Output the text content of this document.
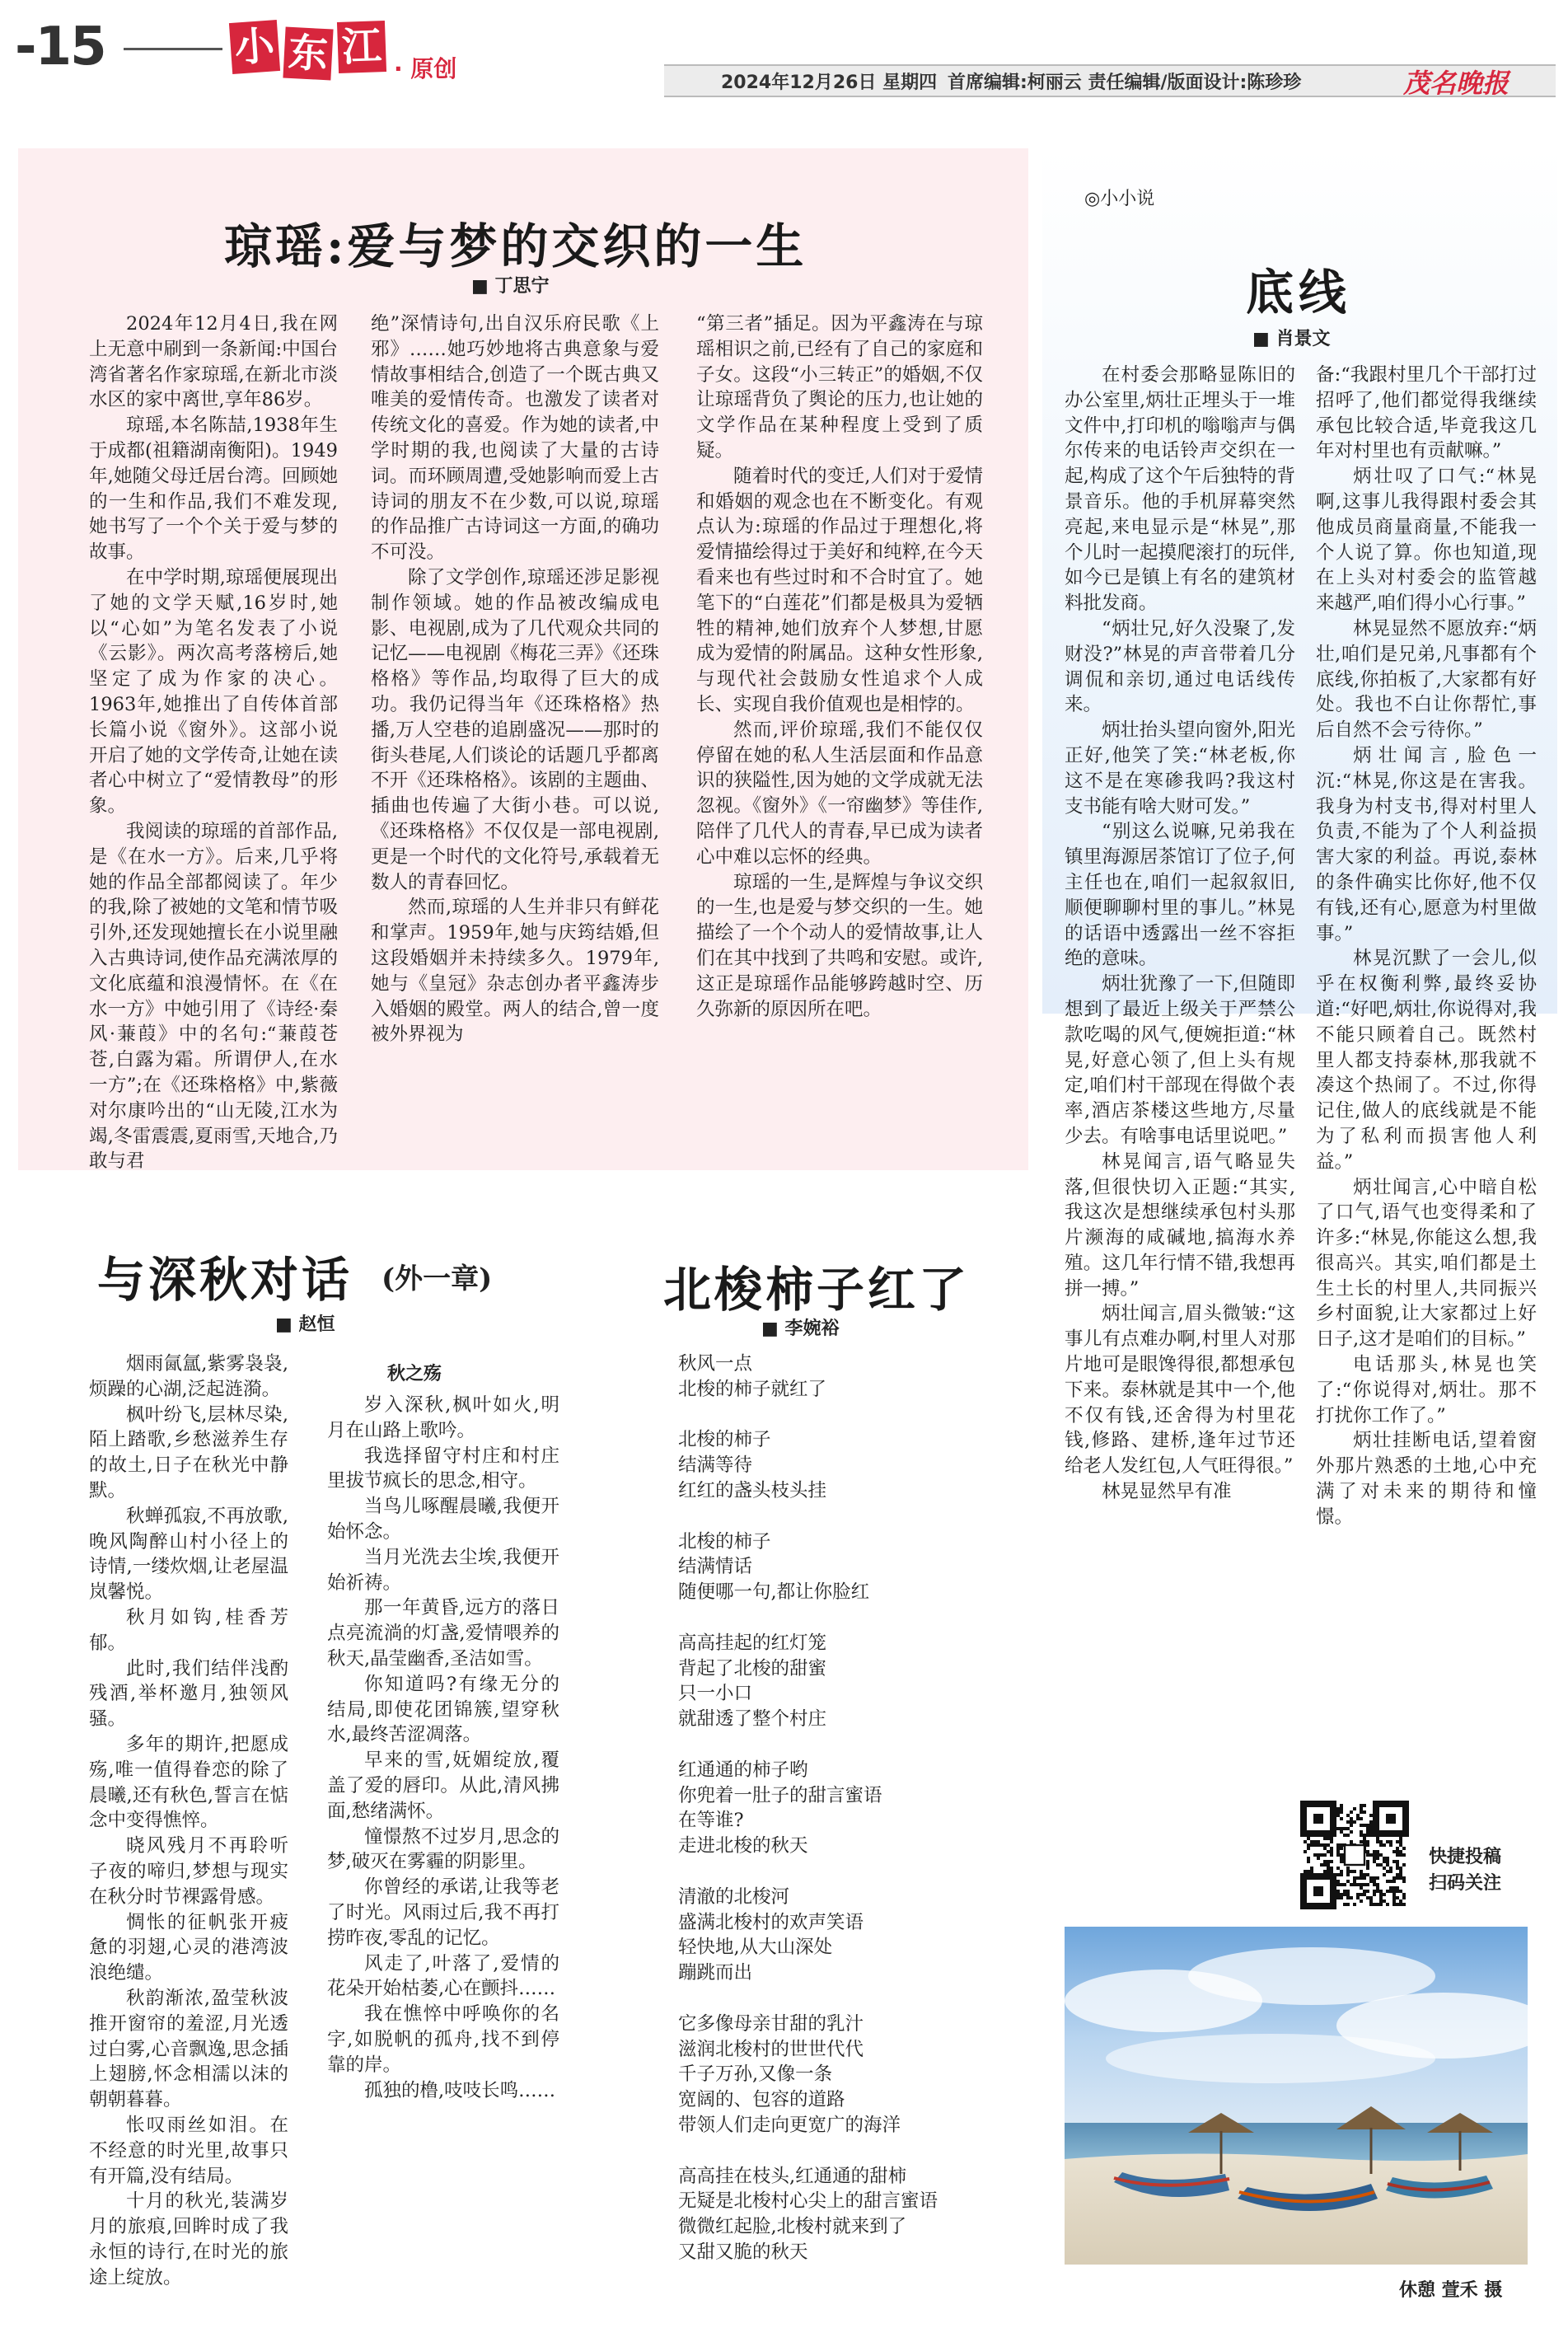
-15	小 东 江 · 原创
2024年12月26日 星期四 首席编辑:柯丽云 责任编辑/版面设计:陈珍珍	茂名晚报
琼瑶:爱与梦的交织的一生
■ 丁思宁

2024年12月4日,我在网上无意中刷到一条新闻:中国台湾省著名作家琼瑶,在新北市淡水区的家中离世,享年86岁。

琼瑶,本名陈喆,1938年生于成都(祖籍湖南衡阳)。1949年,她随父母迁居台湾。回顾她的一生和作品,我们不难发现,她书写了一个个关于爱与梦的故事。

在中学时期,琼瑶便展现出了她的文学天赋,16岁时,她以“心如”为笔名发表了小说《云影》。两次高考落榜后,她坚定了成为作家的决心。1963年,她推出了自传体首部长篇小说《窗外》。这部小说开启了她的文学传奇,让她在读者心中树立了“爱情教母”的形象。

我阅读的琼瑶的首部作品,是《在水一方》。后来,几乎将她的作品全部都阅读了。年少的我,除了被她的文笔和情节吸引外,还发现她擅长在小说里融入古典诗词,使作品充满浓厚的文化底蕴和浪漫情怀。在《在水一方》中她引用了《诗经·秦风·蒹葭》中的名句:“蒹葭苍苍,白露为霜。所谓伊人,在水一方”;在《还珠格格》中,紫薇对尔康吟出的“山无陵,江水为竭,冬雷震震,夏雨雪,天地合,乃敢与君

绝”深情诗句,出自汉乐府民歌《上邪》……她巧妙地将古典意象与爱情故事相结合,创造了一个既古典又唯美的爱情传奇。也激发了读者对传统文化的喜爱。作为她的读者,中学时期的我,也阅读了大量的古诗词。而环顾周遭,受她影响而爱上古诗词的朋友不在少数,可以说,琼瑶的作品推广古诗词这一方面,的确功不可没。

除了文学创作,琼瑶还涉足影视制作领域。她的作品被改编成电影、电视剧,成为了几代观众共同的记忆——电视剧《梅花三弄》《还珠格格》等作品,均取得了巨大的成功。我仍记得当年《还珠格格》热播,万人空巷的追剧盛况——那时的街头巷尾,人们谈论的话题几乎都离不开《还珠格格》。该剧的主题曲、插曲也传遍了大街小巷。可以说,《还珠格格》不仅仅是一部电视剧,更是一个时代的文化符号,承载着无数人的青春回忆。

然而,琼瑶的人生并非只有鲜花和掌声。1959年,她与庆筠结婚,但这段婚姻并未持续多久。1979年,她与《皇冠》杂志创办者平鑫涛步入婚姻的殿堂。两人的结合,曾一度被外界视为

“第三者”插足。因为平鑫涛在与琼瑶相识之前,已经有了自己的家庭和子女。这段“小三转正”的婚姻,不仅让琼瑶背负了舆论的压力,也让她的文学作品在某种程度上受到了质疑。

随着时代的变迁,人们对于爱情和婚姻的观念也在不断变化。有观点认为:琼瑶的作品过于理想化,将爱情描绘得过于美好和纯粹,在今天看来也有些过时和不合时宜了。她笔下的“白莲花”们都是极具为爱牺牲的精神,她们放弃个人梦想,甘愿成为爱情的附属品。这种女性形象,与现代社会鼓励女性追求个人成长、实现自我价值观也是相悖的。

然而,评价琼瑶,我们不能仅仅停留在她的私人生活层面和作品意识的狭隘性,因为她的文学成就无法忽视。《窗外》《一帘幽梦》等佳作,陪伴了几代人的青春,早已成为读者心中难以忘怀的经典。

琼瑶的一生,是辉煌与争议交织的一生,也是爱与梦交织的一生。她描绘了一个个动人的爱情故事,让人们在其中找到了共鸣和安慰。或许,这正是琼瑶作品能够跨越时空、历久弥新的原因所在吧。

◎小小说
底线
■ 肖景文

在村委会那略显陈旧的办公室里,炳壮正埋头于一堆文件中,打印机的嗡嗡声与偶尔传来的电话铃声交织在一起,构成了这个午后独特的背景音乐。他的手机屏幕突然亮起,来电显示是“林晃”,那个儿时一起摸爬滚打的玩伴,如今已是镇上有名的建筑材料批发商。

“炳壮兄,好久没聚了,发财没?”林晃的声音带着几分调侃和亲切,通过电话线传来。

炳壮抬头望向窗外,阳光正好,他笑了笑:“林老板,你这不是在寒碜我吗?我这村支书能有啥大财可发。”

“别这么说嘛,兄弟我在镇里海源居茶馆订了位子,何主任也在,咱们一起叙叙旧,顺便聊聊村里的事儿。”林晃的话语中透露出一丝不容拒绝的意味。

炳壮犹豫了一下,但随即想到了最近上级关于严禁公款吃喝的风气,便婉拒道:“林晃,好意心领了,但上头有规定,咱们村干部现在得做个表率,酒店茶楼这些地方,尽量少去。有啥事电话里说吧。”

林晃闻言,语气略显失落,但很快切入正题:“其实,我这次是想继续承包村头那片濒海的咸碱地,搞海水养殖。这几年行情不错,我想再拼一搏。”

炳壮闻言,眉头微皱:“这事儿有点难办啊,村里人对那片地可是眼馋得很,都想承包下来。泰林就是其中一个,他不仅有钱,还舍得为村里花钱,修路、建桥,逢年过节还给老人发红包,人气旺得很。”

林晃显然早有准

备:“我跟村里几个干部打过招呼了,他们都觉得我继续承包比较合适,毕竟我这几年对村里也有贡献嘛。”

炳壮叹了口气:“林晃啊,这事儿我得跟村委会其他成员商量商量,不能我一个人说了算。你也知道,现在上头对村委会的监管越来越严,咱们得小心行事。”

林晃显然不愿放弃:“炳壮,咱们是兄弟,凡事都有个底线,你拍板了,大家都有好处。我也不白让你帮忙,事后自然不会亏待你。”

炳壮闻言,脸色一沉:“林晃,你这是在害我。我身为村支书,得对村里人负责,不能为了个人利益损害大家的利益。再说,泰林的条件确实比你好,他不仅有钱,还有心,愿意为村里做事。”

林晃沉默了一会儿,似乎在权衡利弊,最终妥协道:“好吧,炳壮,你说得对,我不能只顾着自己。既然村里人都支持泰林,那我就不凑这个热闹了。不过,你得记住,做人的底线就是不能为了私利而损害他人利益。”

炳壮闻言,心中暗自松了口气,语气也变得柔和了许多:“林晃,你能这么想,我很高兴。其实,咱们都是土生土长的村里人,共同振兴乡村面貌,让大家都过上好日子,这才是咱们的目标。”

电话那头,林晃也笑了:“你说得对,炳壮。那不打扰你工作了。”

炳壮挂断电话,望着窗外那片熟悉的土地,心中充满了对未来的期待和憧憬。

快捷投稿
扫码关注
休憩 萱禾 摄
与深秋对话 (外一章)
■ 赵恒

烟雨氤氲,紫雾袅袅,烦躁的心湖,泛起涟漪。

枫叶纷飞,层林尽染,陌上踏歌,乡愁滋养生存的故土,日子在秋光中静默。

秋蝉孤寂,不再放歌,晚风陶醉山村小径上的诗情,一缕炊烟,让老屋温岚馨悦。

秋月如钩,桂香芳郁。

此时,我们结伴浅酌残酒,举杯邀月,独领风骚。

多年的期许,把愿成殇,唯一值得眷恋的除了晨曦,还有秋色,誓言在惦念中变得憔悴。

晓风残月不再聆听子夜的啼归,梦想与现实在秋分时节裸露骨感。

惆怅的征帆张开疲惫的羽翅,心灵的港湾波浪绝缱。

秋韵渐浓,盈莹秋波推开窗帘的羞涩,月光透过白雾,心音飘逸,思念插上翅膀,怀念相濡以沫的朝朝暮暮。

怅叹雨丝如泪。在不经意的时光里,故事只有开篇,没有结局。

十月的秋光,装满岁月的旅痕,回眸时成了我永恒的诗行,在时光的旅途上绽放。

秋之殇

岁入深秋,枫叶如火,明月在山路上歌吟。

我选择留守村庄和村庄里拔节疯长的思念,相守。

当鸟儿啄醒晨曦,我便开始怀念。

当月光洗去尘埃,我便开始祈祷。

那一年黄昏,远方的落日点亮流淌的灯盏,爱情喂养的秋天,晶莹幽香,圣洁如雪。

你知道吗?有缘无分的结局,即使花团锦簇,望穿秋水,最终苦涩凋落。

早来的雪,妩媚绽放,覆盖了爱的唇印。从此,清风拂面,愁绪满怀。

憧憬熬不过岁月,思念的梦,破灭在雾霾的阴影里。

你曾经的承诺,让我等老了时光。风雨过后,我不再打捞昨夜,零乱的记忆。

风走了,叶落了,爱情的花朵开始枯萎,心在颤抖……

我在憔悴中呼唤你的名字,如脱帆的孤舟,找不到停靠的岸。

孤独的橹,吱吱长鸣……

北梭柿子红了
■ 李婉裕
秋风一点
北梭的柿子就红了
北梭的柿子
结满等待
红红的盏头枝头挂
北梭的柿子
结满情话
随便哪一句,都让你脸红
高高挂起的红灯笼
背起了北梭的甜蜜
只一小口
就甜透了整个村庄
红通通的柿子哟
你兜着一肚子的甜言蜜语
在等谁?
走进北梭的秋天
清澈的北梭河
盛满北梭村的欢声笑语
轻快地,从大山深处
蹦跳而出
它多像母亲甘甜的乳汁
滋润北梭村的世世代代
千子万孙,又像一条
宽阔的、包容的道路
带领人们走向更宽广的海洋
高高挂在枝头,红通通的甜柿
无疑是北梭村心尖上的甜言蜜语
微微红起脸,北梭村就来到了
又甜又脆的秋天
